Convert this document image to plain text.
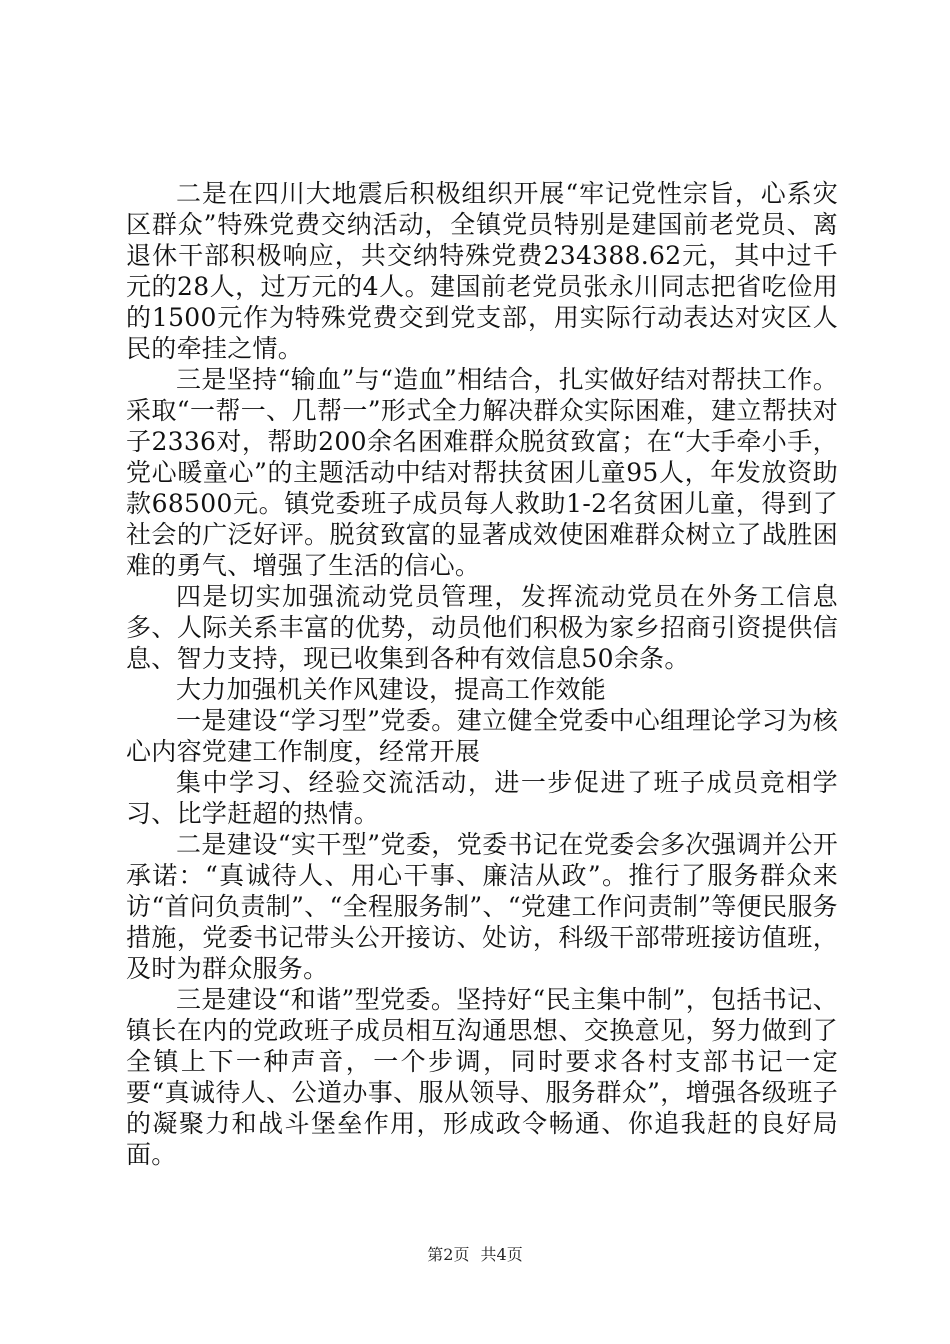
二是在四川大地震后积极组织开展“牢记党性宗旨，心系灾区群众”特殊党费交纳活动，全镇党员特别是建国前老党员、离退休干部积极响应，共交纳特殊党费234388.62元，其中过千元的28人，过万元的4人。建国前老党员张永川同志把省吃俭用的1500元作为特殊党费交到党支部，用实际行动表达对灾区人民的牵挂之情。

三是坚持“输血”与“造血”相结合，扎实做好结对帮扶工作。采取“一帮一、几帮一”形式全力解决群众实际困难，建立帮扶对子2336对，帮助200余名困难群众脱贫致富；在“大手牵小手，党心暖童心”的主题活动中结对帮扶贫困儿童95人，年发放资助款68500元。镇党委班子成员每人救助1-2名贫困儿童，得到了社会的广泛好评。脱贫致富的显著成效使困难群众树立了战胜困难的勇气、增强了生活的信心。

四是切实加强流动党员管理，发挥流动党员在外务工信息多、人际关系丰富的优势，动员他们积极为家乡招商引资提供信息、智力支持，现已收集到各种有效信息50余条。

大力加强机关作风建设，提高工作效能

一是建设“学习型”党委。建立健全党委中心组理论学习为核心内容党建工作制度，经常开展

集中学习、经验交流活动，进一步促进了班子成员竞相学习、比学赶超的热情。

二是建设“实干型”党委，党委书记在党委会多次强调并公开承诺：“真诚待人、用心干事、廉洁从政”。推行了服务群众来访“首问负责制”、“全程服务制”、“党建工作问责制”等便民服务措施，党委书记带头公开接访、处访，科级干部带班接访值班，及时为群众服务。

三是建设“和谐”型党委。坚持好“民主集中制”，包括书记、镇长在内的党政班子成员相互沟通思想、交换意见，努力做到了全镇上下一种声音，一个步调，同时要求各村支部书记一定要“真诚待人、公道办事、服从领导、服务群众”，增强各级班子的凝聚力和战斗堡垒作用，形成政令畅通、你追我赶的良好局面。

第2页 共4页
